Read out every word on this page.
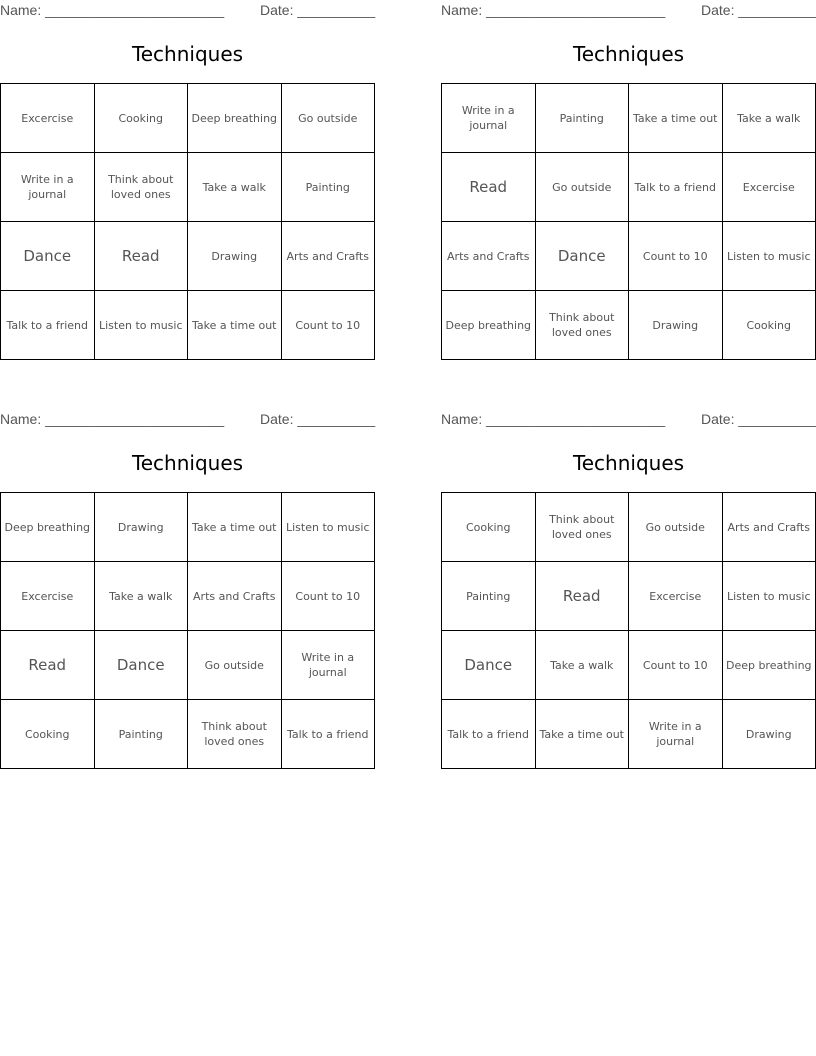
Name: _______________________	Date: __________
Techniques
Excercise	Cooking	Deep breathing	Go outside
Write in a journal	Think about loved ones	Take a walk	Painting
Dance	Read	Drawing	Arts and Crafts
Talk to a friend	Listen to music	Take a time out	Count to 10
Name: _______________________	Date: __________
Techniques
Write in a journal	Painting	Take a time out	Take a walk
Read	Go outside	Talk to a friend	Excercise
Arts and Crafts	Dance	Count to 10	Listen to music
Deep breathing	Think about loved ones	Drawing	Cooking
Name: _______________________	Date: __________
Techniques
Deep breathing	Drawing	Take a time out	Listen to music
Excercise	Take a walk	Arts and Crafts	Count to 10
Read	Dance	Go outside	Write in a journal
Cooking	Painting	Think about loved ones	Talk to a friend
Name: _______________________	Date: __________
Techniques
Cooking	Think about loved ones	Go outside	Arts and Crafts
Painting	Read	Excercise	Listen to music
Dance	Take a walk	Count to 10	Deep breathing
Talk to a friend	Take a time out	Write in a journal	Drawing
